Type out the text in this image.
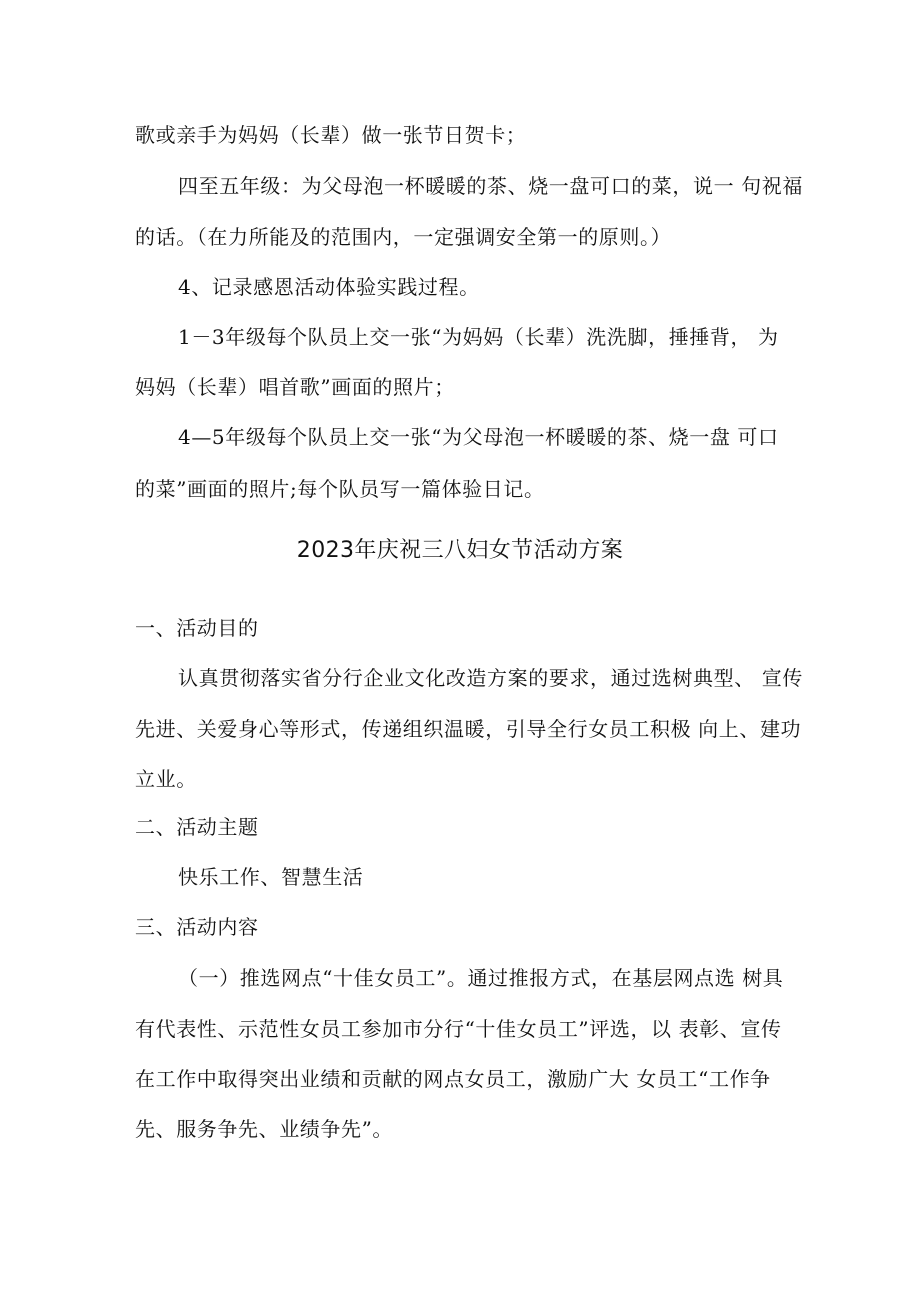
歌或亲手为妈妈（长辈）做一张节日贺卡；
四至五年级：为父母泡一杯暖暖的茶、烧一盘可口的菜，说一 句祝福
的话。（在力所能及的范围内，一定强调安全第一的原则。）
4、记录感恩活动体验实践过程。
1－3年级每个队员上交一张“为妈妈（长辈）洗洗脚，捶捶背， 为
妈妈（长辈）唱首歌”画面的照片；
4—5年级每个队员上交一张“为父母泡一杯暖暖的茶、烧一盘 可口
的菜”画面的照片;每个队员写一篇体验日记。
2023年庆祝三八妇女节活动方案
一、活动目的
认真贯彻落实省分行企业文化改造方案的要求，通过选树典型、 宣传
先进、关爱身心等形式，传递组织温暖，引导全行女员工积极 向上、建功
立业。
二、活动主题
快乐工作、智慧生活
三、活动内容
（一）推选网点“十佳女员工”。通过推报方式，在基层网点选 树具
有代表性、示范性女员工参加市分行“十佳女员工”评选，以 表彰、宣传
在工作中取得突出业绩和贡献的网点女员工，激励广大 女员工“工作争
先、服务争先、业绩争先”。
